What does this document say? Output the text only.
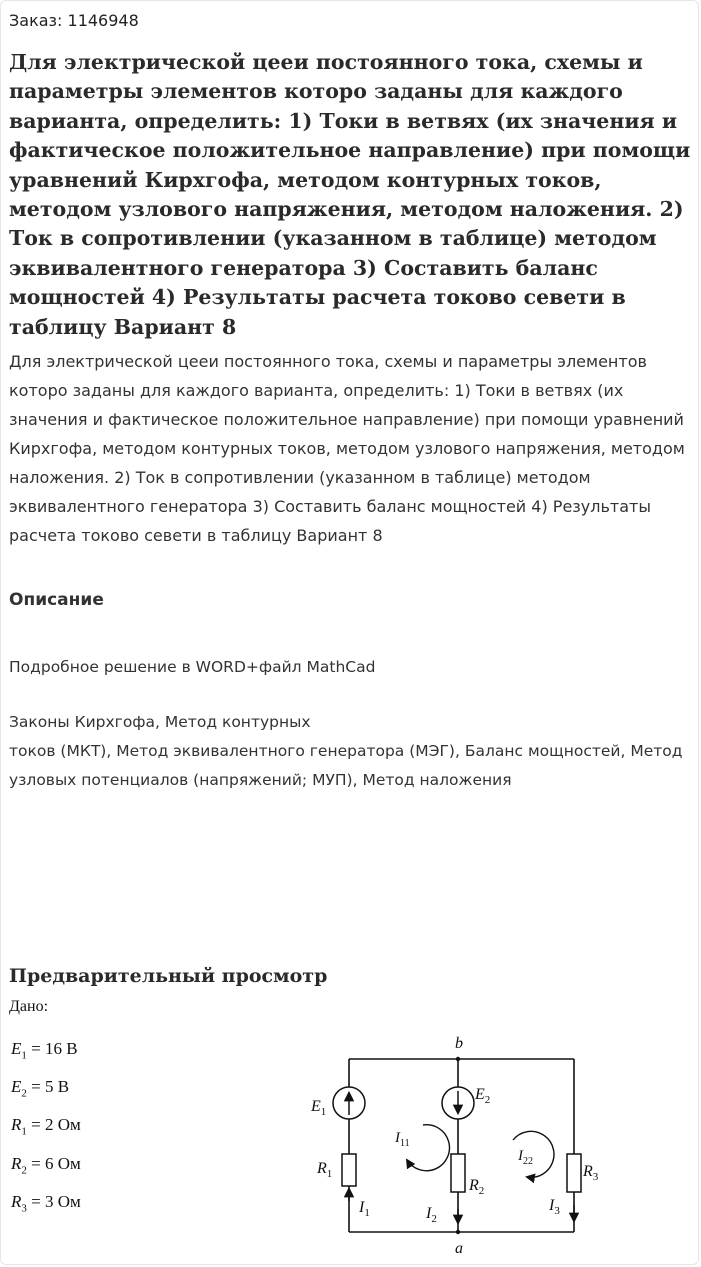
Заказ: 1146948
Для электрической цееи постоянного тока, схемы и параметры элементов которо заданы для каждого варианта, определить: 1) Токи в ветвях (их значения и фактическое положительное направление) при помощи уравнений Кирхгофа, методом контурных токов, методом узлового напряжения, методом наложения. 2) Ток в сопротивлении (указанном в таблице) методом эквивалентного генератора 3) Составить баланс мощностей 4) Результаты расчета токово севети в таблицу Вариант 8

Для электрической цееи постоянного тока, схемы и параметры элементов которо заданы для каждого варианта, определить: 1) Токи в ветвях (их значения и фактическое положительное направление) при помощи уравнений Кирхгофа, методом контурных токов, методом узлового напряжения, методом наложения. 2) Ток в сопротивлении (указанном в таблице) методом эквивалентного генератора 3) Составить баланс мощностей 4) Результаты расчета токово севети в таблицу Вариант 8

Описание

Подробное решение в WORD+файл MathCad

Законы Кирхгофа, Метод контурных
токов (МКТ), Метод эквивалентного генератора (МЭГ), Баланс мощностей, Метод узловых потенциалов (напряжений; МУП), Метод наложения

Предварительный просмотр
Дано:
$E_1 = 16$ В
$E_2 = 5$ В
$R_1 = 2$ Ом
$R_2 = 6$ Ом
$R_3 = 3$ Ом
b
a
$E_1$
$E_2$
$R_1$
$R_2$
$R_3$
$I_1$	$I_2$
$I_3$
$I_{11}$
$I_{22}$
